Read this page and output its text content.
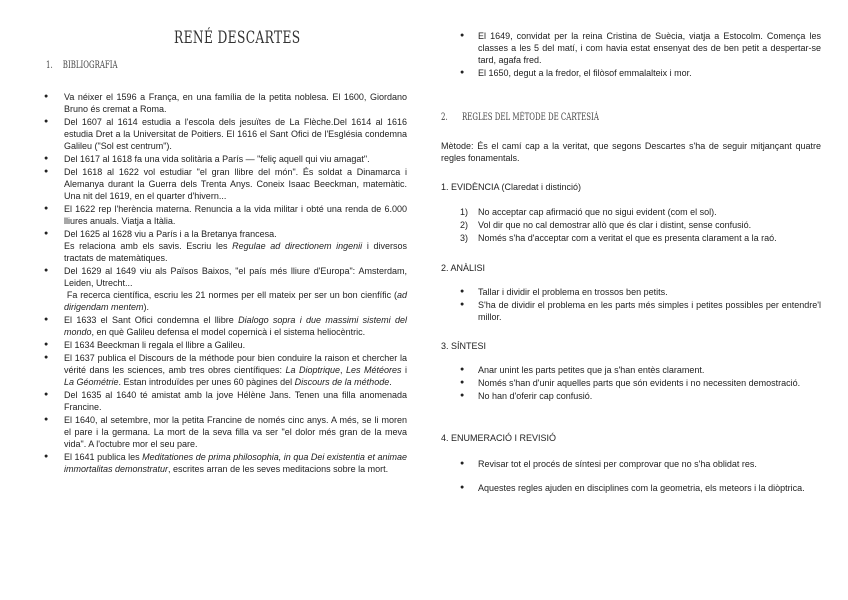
RENÉ DESCARTES
1. BIBLIOGRAFIA
● Va néixer el 1596 a França, en una família de la petita noblesa. El 1600, Giordano Bruno és cremat a Roma.
● Del 1607 al 1614 estudia a l'escola dels jesuïtes de La Flèche.Del 1614 al 1616 estudia Dret a la Universitat de Poitiers. El 1616 el Sant Ofici de l'Església condemna Galileu ("Sol est centrum").
● Del 1617 al 1618 fa una vida solitària a París — "feliç aquell qui viu amagat".
● Del 1618 al 1622 vol estudiar "el gran llibre del món". És soldat a Dinamarca i Alemanya durant la Guerra dels Trenta Anys. Coneix Isaac Beeckman, matemàtic. Una nit del 1619, en el quarter d'hivern...
● El 1622 rep l'herència materna. Renuncia a la vida militar i obté una renda de 6.000 lliures anuals. Viatja a Itàlia.
● Del 1625 al 1628 viu a París i a la Bretanya francesa.
Es relaciona amb els savis. Escriu les Regulae ad directionem ingenii i diversos tractats de matemàtiques.
● Del 1629 al 1649 viu als Països Baixos, "el país més lliure d'Europa": Amsterdam, Leiden, Utrecht...
Fa recerca científica, escriu les 21 normes per ell mateix per ser un bon cienfífic (ad dirigendam mentem).
● El 1633 el Sant Ofici condemna el llibre Dialogo sopra i due massimi sistemi del mondo, en què Galileu defensa el model copernicà i el sistema heliocèntric.
● El 1634 Beeckman li regala el llibre a Galileu.
● El 1637 publica el Discours de la méthode pour bien conduire la raison et chercher la vérité dans les sciences, amb tres obres científiques: La Dioptrique, Les Météores i La Géométrie. Estan introduïdes per unes 60 pàgines del Discours de la méthode.
● Del 1635 al 1640 té amistat amb la jove Hélène Jans. Tenen una filla anomenada Francine.
● El 1640, al setembre, mor la petita Francine de només cinc anys. A més, se li moren el pare i la germana. La mort de la seva filla va ser "el dolor més gran de la meva vida". A l'octubre mor el seu pare.
● El 1641 publica les Meditationes de prima philosophia, in qua Dei existentia et animae immortalitas demonstratur, escrites arran de les seves meditacions sobre la mort.
● El 1649, convidat per la reina Cristina de Suècia, viatja a Estocolm. Comença les classes a les 5 del matí, i com havia estat ensenyat des de ben petit a despertar-se tard, agafa fred.
● El 1650, degut a la fredor, el filòsof emmalalteix i mor.
2. REGLES DEL MÈTODE DE CARTESIÀ
Mètode: És el camí cap a la veritat, que segons Descartes s'ha de seguir mitjançant quatre regles fonamentals.
1. EVIDÈNCIA (Claredat i distinció)
1) No acceptar cap afirmació que no sigui evident (com el sol).
2) Vol dir que no cal demostrar allò que és clar i distint, sense confusió.
3) Només s'ha d'acceptar com a veritat el que es presenta clarament a la raó.
2. ANÀLISI
● Tallar i dividir el problema en trossos ben petits.
● S'ha de dividir el problema en les parts més simples i petites possibles per entendre'l millor.
3. SÍNTESI
● Anar unint les parts petites que ja s'han entès clarament.
● Només s'han d'unir aquelles parts que són evidents i no necessiten demostració.
● No han d'oferir cap confusió.
4. ENUMERACIÓ I REVISIÓ
● Revisar tot el procés de síntesi per comprovar que no s'ha oblidat res.
● Aquestes regles ajuden en disciplines com la geometria, els meteors i la diòptrica.
